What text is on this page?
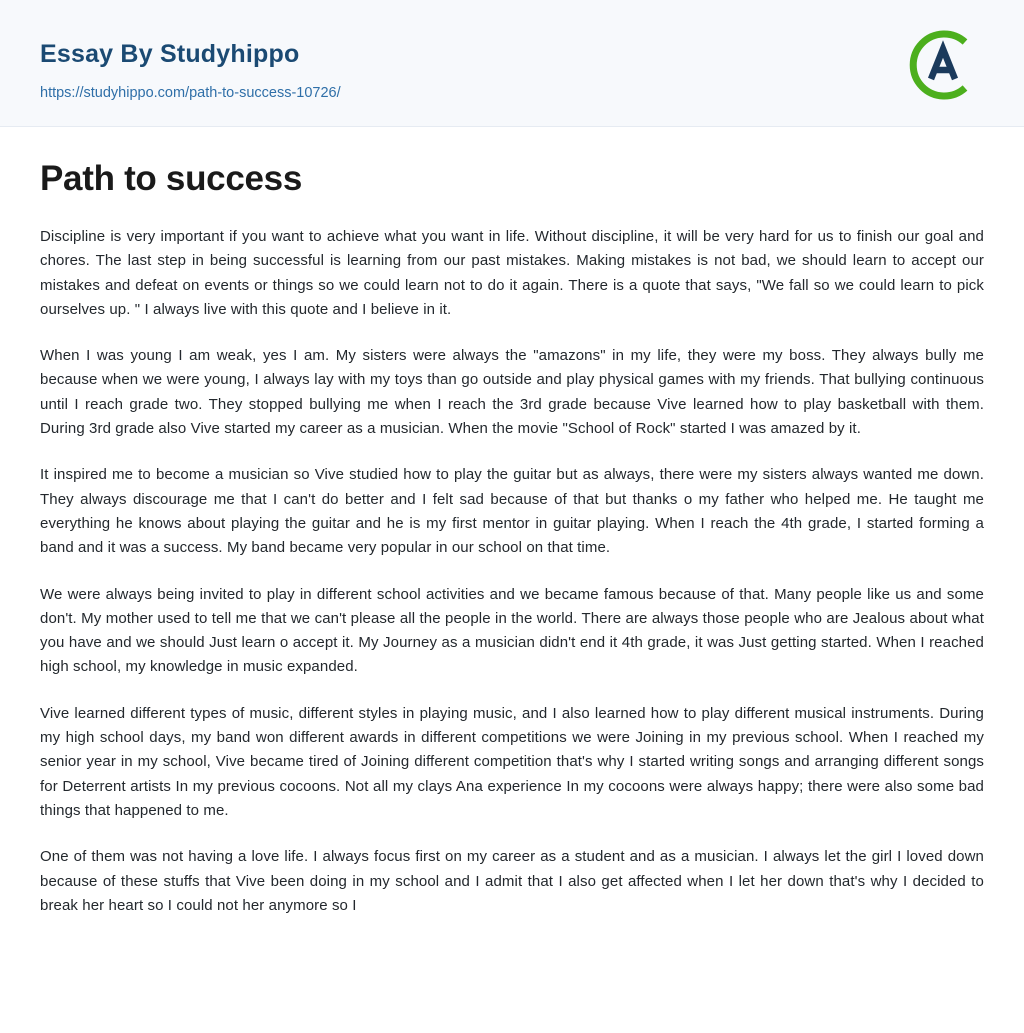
Essay By Studyhippo
https://studyhippo.com/path-to-success-10726/
Path to success

Discipline is very important if you want to achieve what you want in life. Without discipline, it will be very hard for us to finish our goal and chores. The last step in being successful is learning from our past mistakes. Making mistakes is not bad, we should learn to accept our mistakes and defeat on events or things so we could learn not to do it again. There is a quote that says, "We fall so we could learn to pick ourselves up. " I always live with this quote and I believe in it.

When I was young I am weak, yes I am. My sisters were always the "amazons" in my life, they were my boss. They always bully me because when we were young, I always lay with my toys than go outside and play physical games with my friends. That bullying continuous until I reach grade two. They stopped bullying me when I reach the 3rd grade because Vive learned how to play basketball with them. During 3rd grade also Vive started my career as a musician. When the movie "School of Rock" started I was amazed by it.

It inspired me to become a musician so Vive studied how to play the guitar but as always, there were my sisters always wanted me down. They always discourage me that I can't do better and I felt sad because of that but thanks o my father who helped me. He taught me everything he knows about playing the guitar and he is my first mentor in guitar playing. When I reach the 4th grade, I started forming a band and it was a success. My band became very popular in our school on that time.

We were always being invited to play in different school activities and we became famous because of that. Many people like us and some don't. My mother used to tell me that we can't please all the people in the world. There are always those people who are Jealous about what you have and we should Just learn o accept it. My Journey as a musician didn't end it 4th grade, it was Just getting started. When I reached high school, my knowledge in music expanded.

Vive learned different types of music, different styles in playing music, and I also learned how to play different musical instruments. During my high school days, my band won different awards in different competitions we were Joining in my previous school. When I reached my senior year in my school, Vive became tired of Joining different competition that's why I started writing songs and arranging different songs for Deterrent artists In my previous cocoons. Not all my clays Ana experience In my cocoons were always happy; there were also some bad things that happened to me.

One of them was not having a love life. I always focus first on my career as a student and as a musician. I always let the girl I loved down because of these stuffs that Vive been doing in my school and I admit that I also get affected when I let her down that's why I decided to break her heart so I could not her anymore so I
